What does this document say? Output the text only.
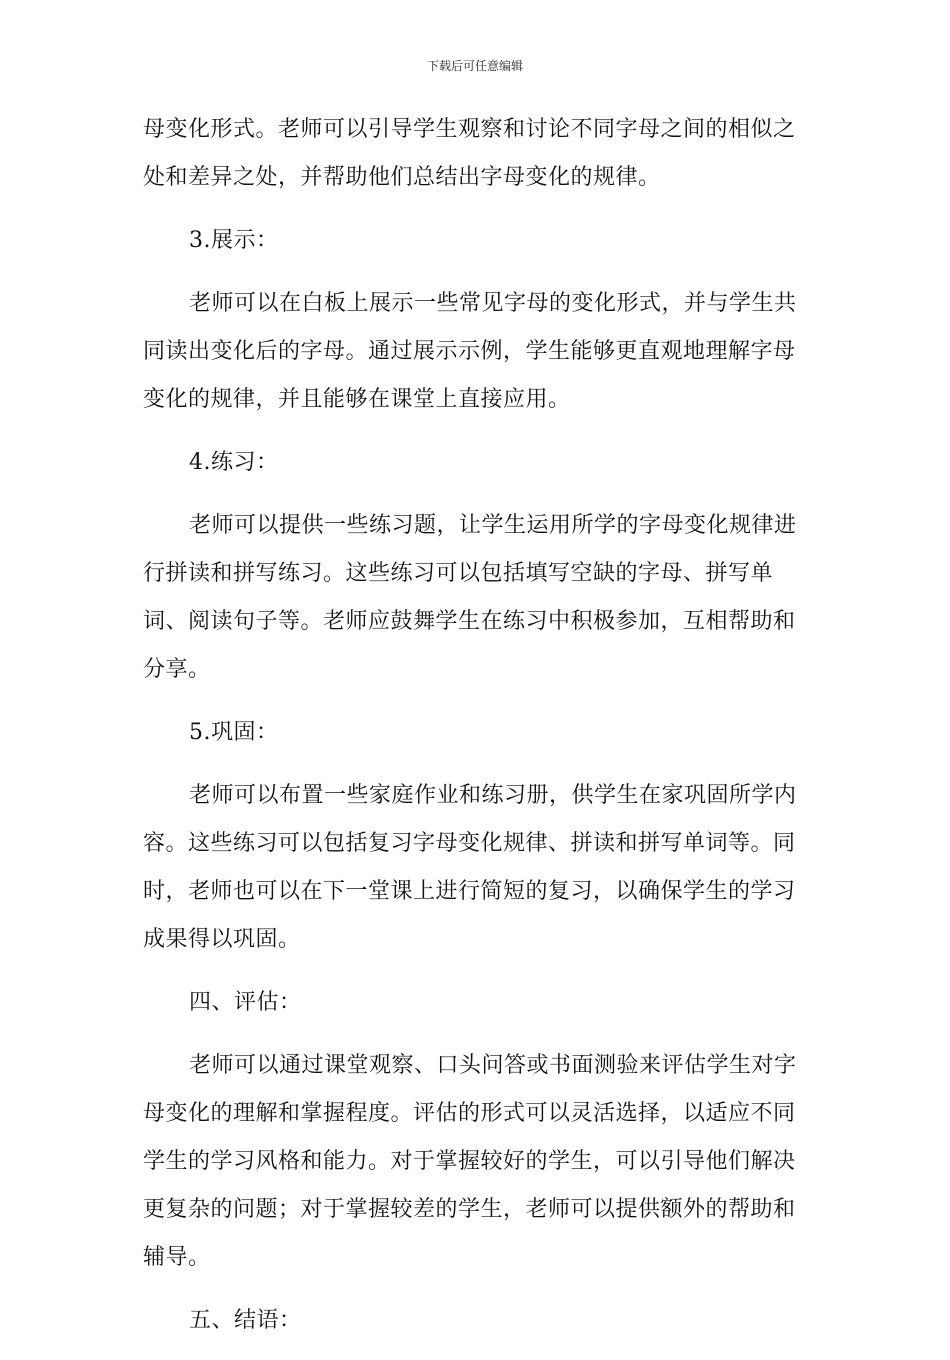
下载后可任意编辑

母变化形式。老师可以引导学生观察和讨论不同字母之间的相似之处和差异之处，并帮助他们总结出字母变化的规律。

3.展示：

老师可以在白板上展示一些常见字母的变化形式，并与学生共同读出变化后的字母。通过展示示例，学生能够更直观地理解字母变化的规律，并且能够在课堂上直接应用。

4.练习：

老师可以提供一些练习题，让学生运用所学的字母变化规律进行拼读和拼写练习。这些练习可以包括填写空缺的字母、拼写单词、阅读句子等。老师应鼓舞学生在练习中积极参加，互相帮助和分享。

5.巩固：

老师可以布置一些家庭作业和练习册，供学生在家巩固所学内容。这些练习可以包括复习字母变化规律、拼读和拼写单词等。同时，老师也可以在下一堂课上进行简短的复习，以确保学生的学习成果得以巩固。

四、评估：

老师可以通过课堂观察、口头问答或书面测验来评估学生对字母变化的理解和掌握程度。评估的形式可以灵活选择，以适应不同学生的学习风格和能力。对于掌握较好的学生，可以引导他们解决更复杂的问题；对于掌握较差的学生，老师可以提供额外的帮助和辅导。

五、结语：
